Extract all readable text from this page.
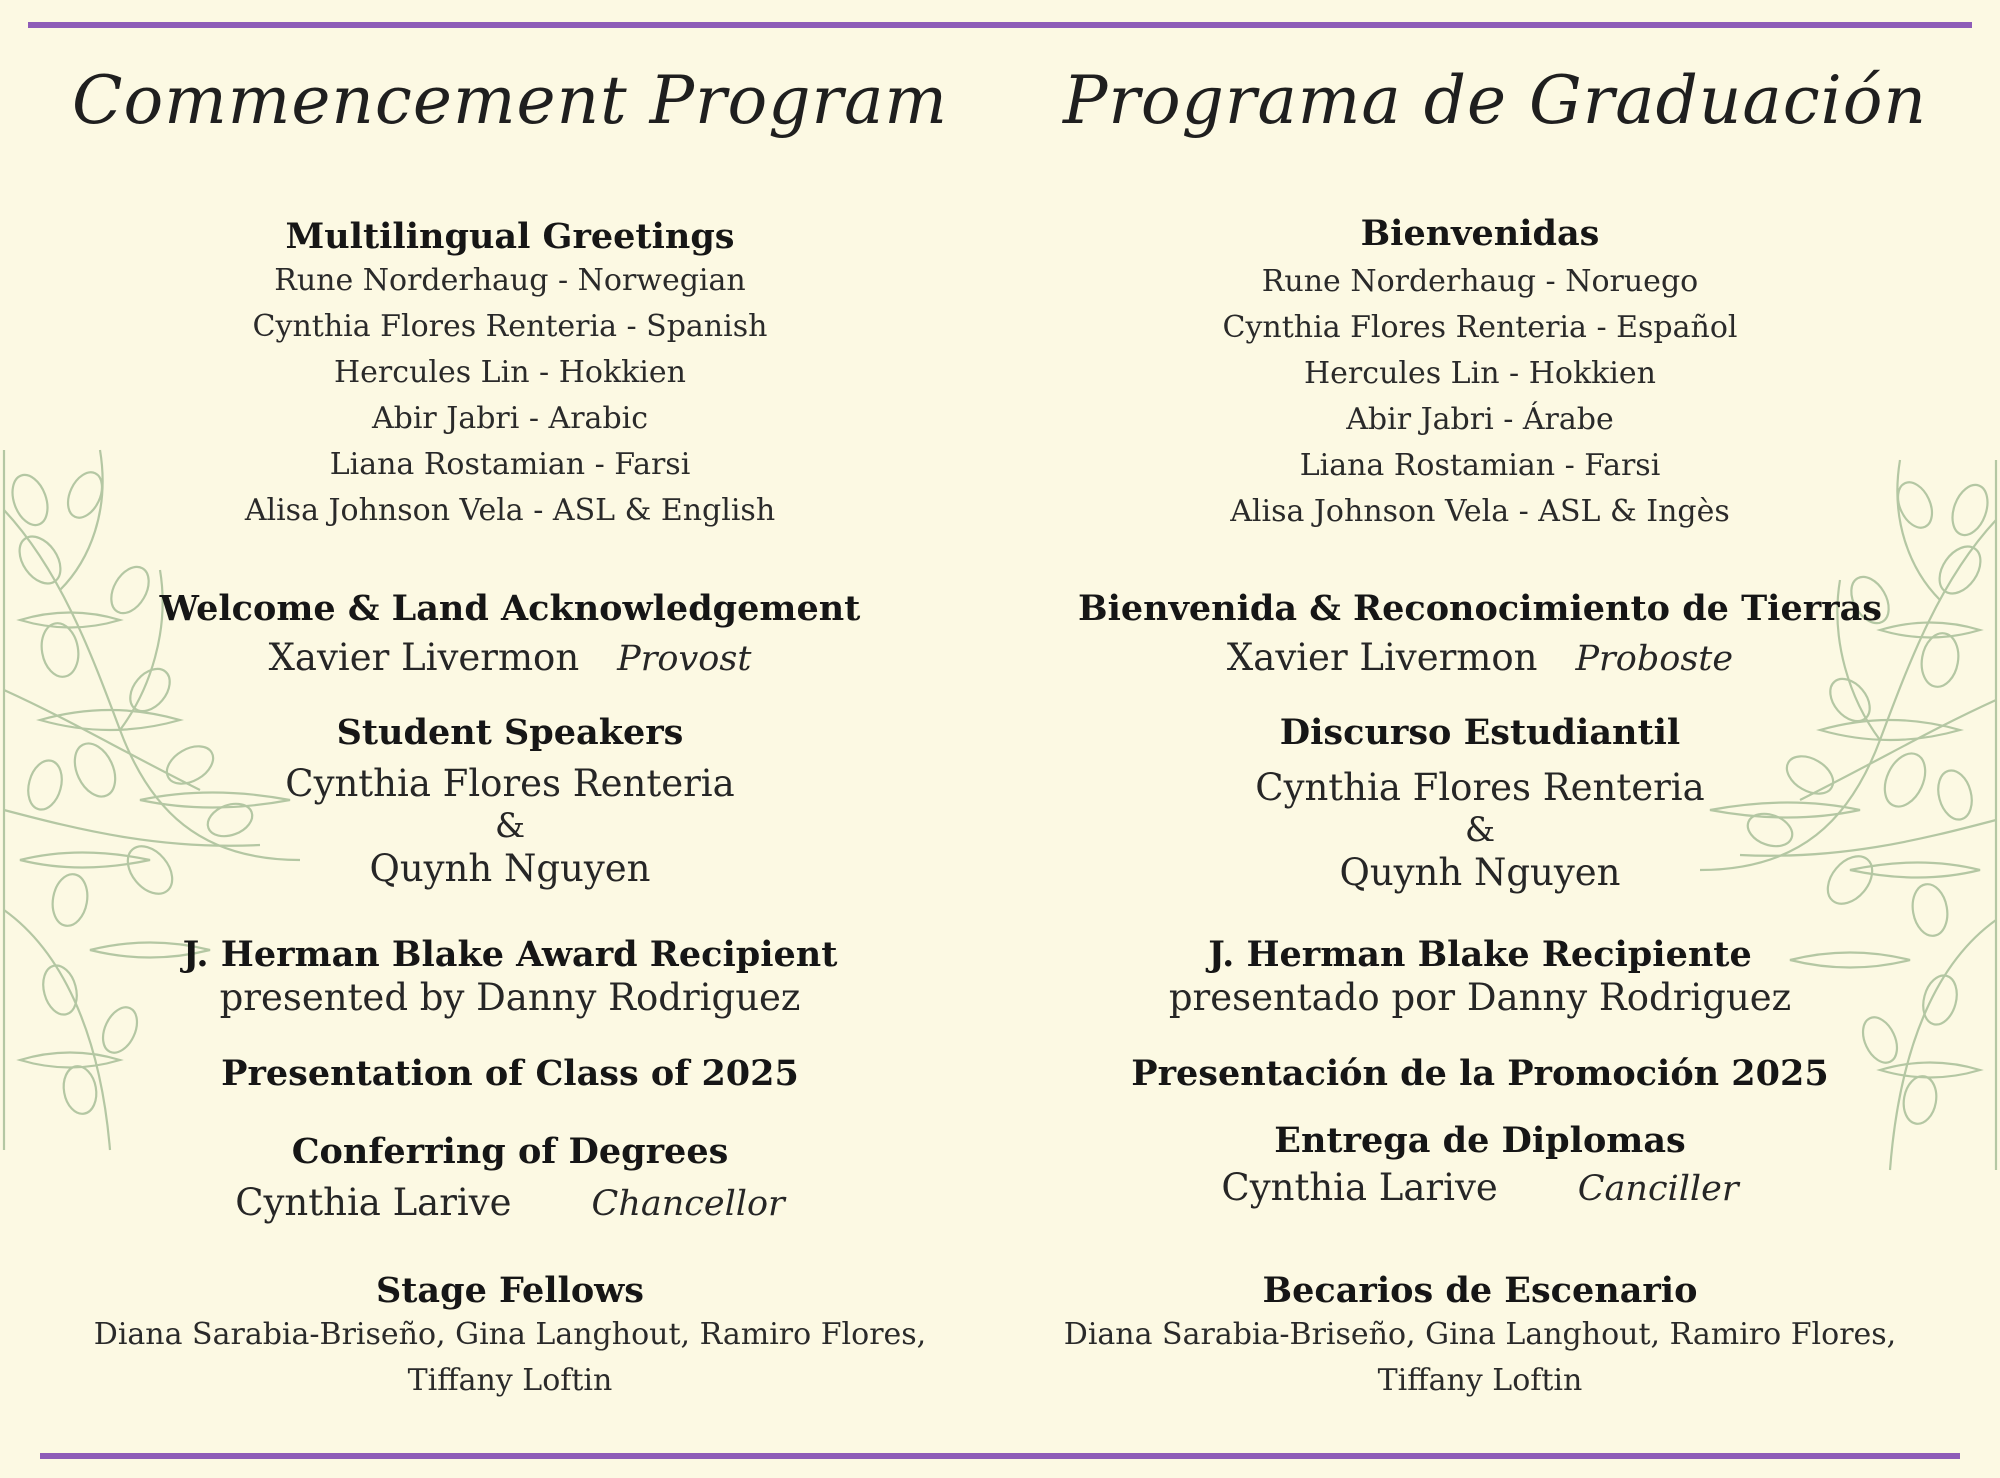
Commencement Program
Multilingual Greetings
Rune Norderhaug - Norwegian
Cynthia Flores Renteria - Spanish
Hercules Lin - Hokkien
Abir Jabri - Arabic
Liana Rostamian - Farsi
Alisa Johnson Vela - ASL & English
Welcome & Land Acknowledgement
Xavier Livermon Provost
Student Speakers
Cynthia Flores Renteria
&
Quynh Nguyen
J. Herman Blake Award Recipient
presented by Danny Rodriguez
Presentation of Class of 2025
Conferring of Degrees
Cynthia Larive Chancellor
Stage Fellows
Diana Sarabia-Briseño, Gina Langhout, Ramiro Flores,
Tiffany Loftin
Programa de Graduación
Bienvenidas
Rune Norderhaug - Noruego
Cynthia Flores Renteria - Español
Hercules Lin - Hokkien
Abir Jabri - Árabe
Liana Rostamian - Farsi
Alisa Johnson Vela - ASL & Ingès
Bienvenida & Reconocimiento de Tierras
Xavier Livermon Proboste
Discurso Estudiantil
Cynthia Flores Renteria
&
Quynh Nguyen
J. Herman Blake Recipiente
presentado por Danny Rodriguez
Presentación de la Promoción 2025
Entrega de Diplomas
Cynthia Larive Canciller
Becarios de Escenario
Diana Sarabia-Briseño, Gina Langhout, Ramiro Flores,
Tiffany Loftin
